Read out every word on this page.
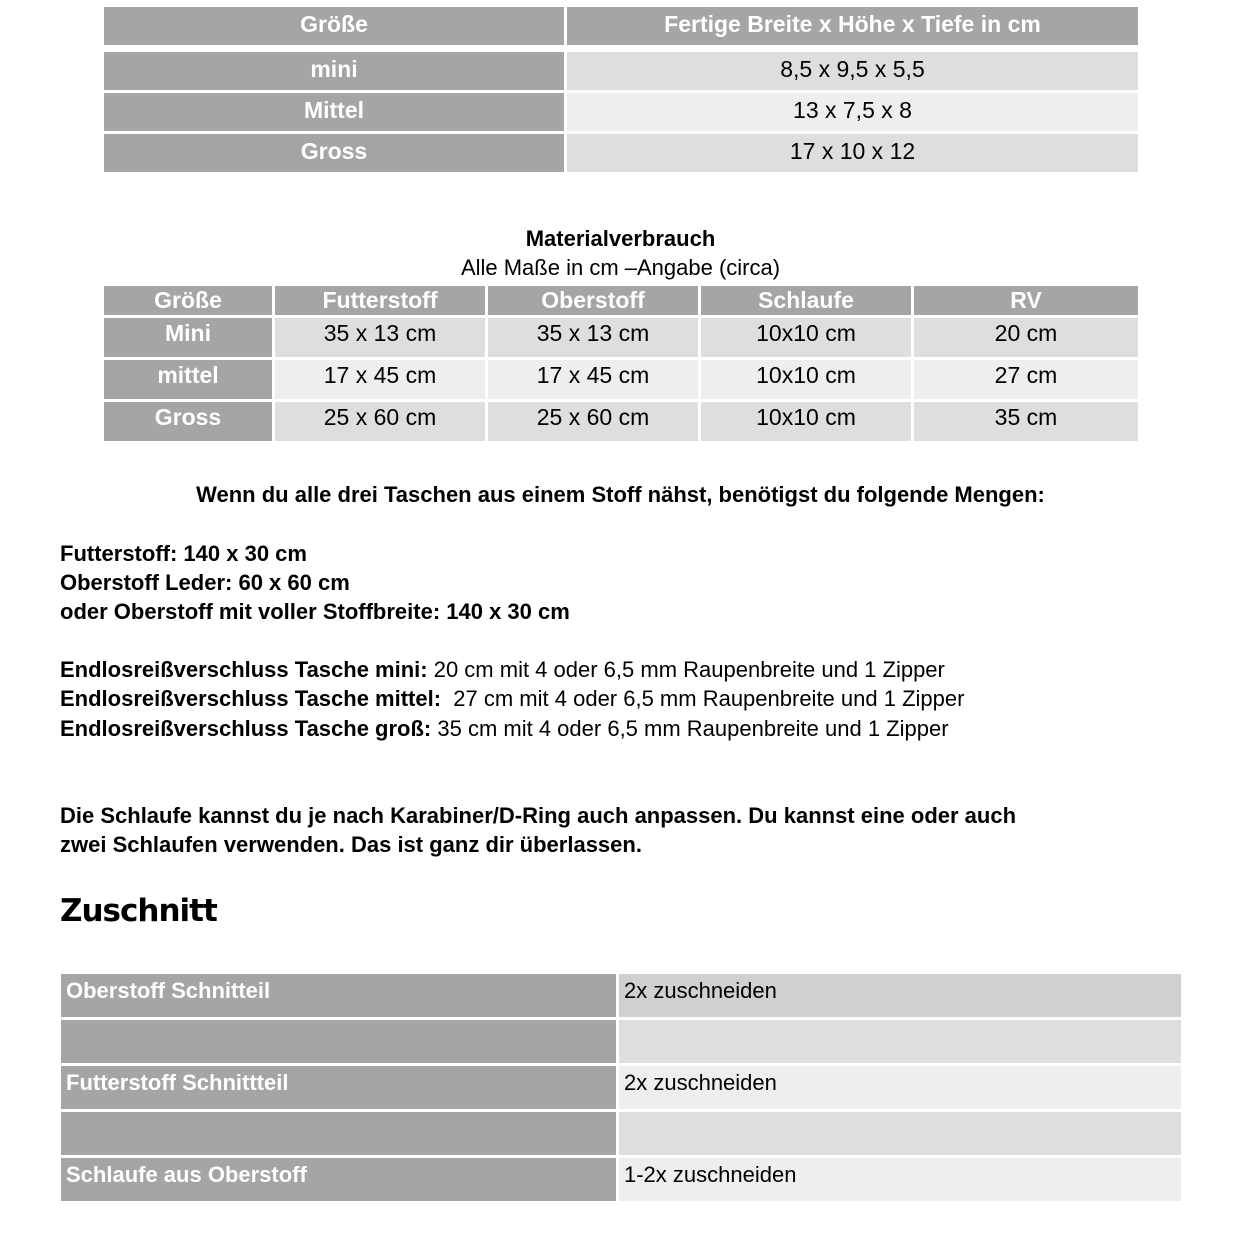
Größe	Fertige Breite x Höhe x Tiefe in cm

mini	8,5 x 9,5 x 5,5
Mittel	13 x 7,5 x 8
Gross	17 x 10 x 12
Materialverbrauch
Alle Maße in cm –Angabe (circa)
Größe	Futterstoff	Oberstoff	Schlaufe	RV
Mini	35 x 13 cm	35 x 13 cm	10x10 cm	20 cm
mittel	17 x 45 cm	17 x 45 cm	10x10 cm	27 cm
Gross	25 x 60 cm	25 x 60 cm	10x10 cm	35 cm
Wenn du alle drei Taschen aus einem Stoff nähst, benötigst du folgende Mengen:
Futterstoff: 140 x 30 cm
Oberstoff Leder: 60 x 60 cm
oder Oberstoff mit voller Stoffbreite: 140 x 30 cm
Endlosreißverschluss Tasche mini: 20 cm mit 4 oder 6,5 mm Raupenbreite und 1 Zipper
Endlosreißverschluss Tasche mittel:  27 cm mit 4 oder 6,5 mm Raupenbreite und 1 Zipper
Endlosreißverschluss Tasche groß: 35 cm mit 4 oder 6,5 mm Raupenbreite und 1 Zipper
Die Schlaufe kannst du je nach Karabiner/D-Ring auch anpassen. Du kannst eine oder auch
zwei Schlaufen verwenden. Das ist ganz dir überlassen.
Zuschnitt
Oberstoff Schnitteil	2x zuschneiden

Futterstoff Schnittteil	2x zuschneiden

Schlaufe aus Oberstoff	1-2x zuschneiden
